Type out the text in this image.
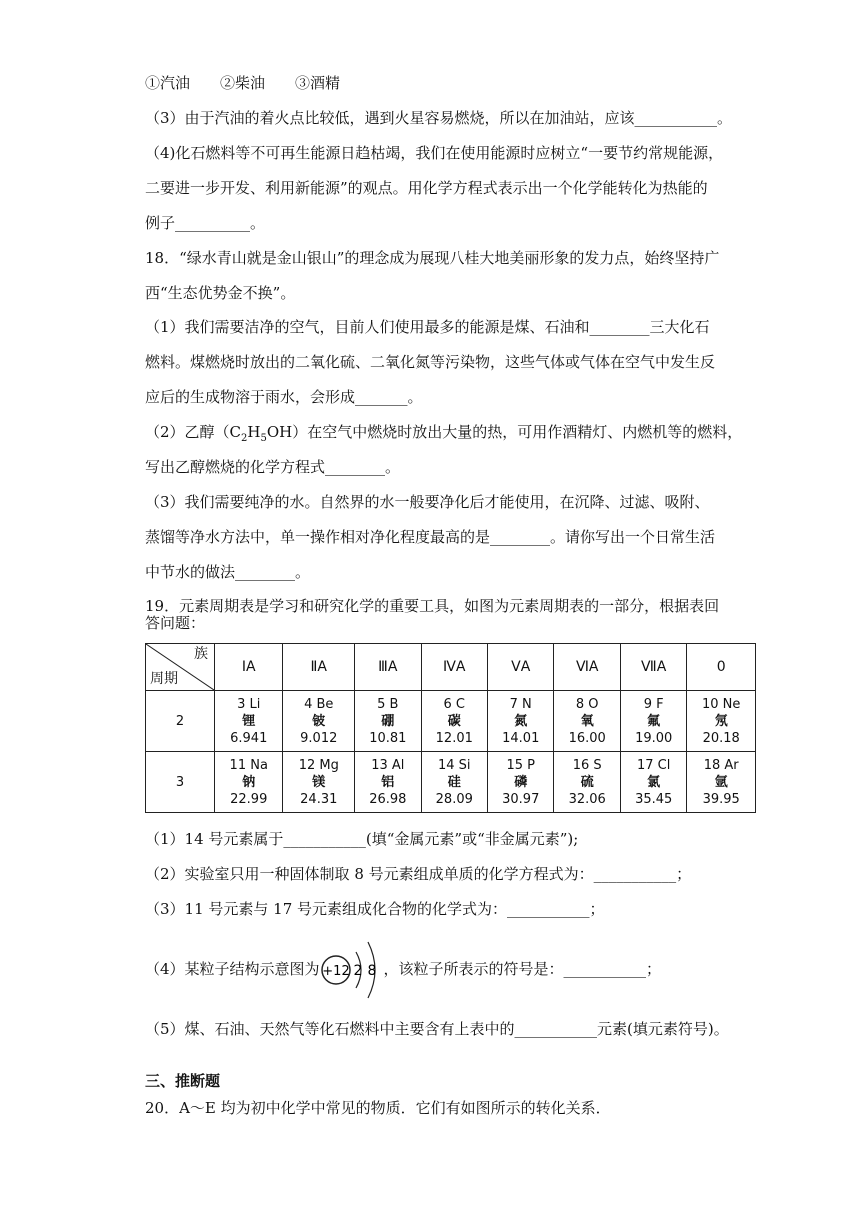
①汽油　　②柴油　　③酒精
（3）由于汽油的着火点比较低，遇到火星容易燃烧，所以在加油站，应该___________。
（4)化石燃料等不可再生能源日趋枯竭，我们在使用能源时应树立“一要节约常规能源，
二要进一步开发、利用新能源”的观点。用化学方程式表示出一个化学能转化为热能的
例子__________。
18．“绿水青山就是金山银山”的理念成为展现八桂大地美丽形象的发力点，始终坚持广
西“生态优势金不换”。
（1）我们需要洁净的空气，目前人们使用最多的能源是煤、石油和________三大化石
燃料。煤燃烧时放出的二氧化硫、二氧化氮等污染物，这些气体或气体在空气中发生反
应后的生成物溶于雨水，会形成_______。
（2）乙醇$(C_2H_5OH)$在空气中燃烧时放出大量的热，可用作酒精灯、内燃机等的燃料，
写出乙醇燃烧的化学方程式________。
（3）我们需要纯净的水。自然界的水一般要净化后才能使用，在沉降、过滤、吸附、
蒸馏等净水方法中，单一操作相对净化程度最高的是________。请你写出一个日常生活
中节水的做法________。
19．元素周期表是学习和研究化学的重要工具，如图为元素周期表的一部分，根据表回
答问题：
族
周期	ⅠA	ⅡA	ⅢA	ⅣA	ⅤA	ⅥA	ⅦA	0
2	3 Li
锂
6.941	4 Be
铍
9.012	5 B
硼
10.81	6 C
碳
12.01	7 N
氮
14.01	8 O
氧
16.00	9 F
氟
19.00	10 Ne
氖
20.18

3	11 Na
钠
22.99	12 Mg
镁
24.31	13 Al
铝
26.98	14 Si
硅
28.09	15 P
磷
30.97	16 S
硫
32.06	17 Cl
氯
35.45	18 Ar
氩
39.95
（1）14 号元素属于___________(填“金属元素”或“非金属元素”);
（2）实验室只用一种固体制取 8 号元素组成单质的化学方程式为：___________；
（3）11 号元素与 17 号元素组成化合物的化学式为：___________；
（4）某粒子结构示意图为	，该粒子所表示的符号是：___________；
+12 2 8
（5）煤、石油、天然气等化石燃料中主要含有上表中的___________元素(填元素符号)。
三、推断题
20．A～E 均为初中化学中常见的物质．它们有如图所示的转化关系．
